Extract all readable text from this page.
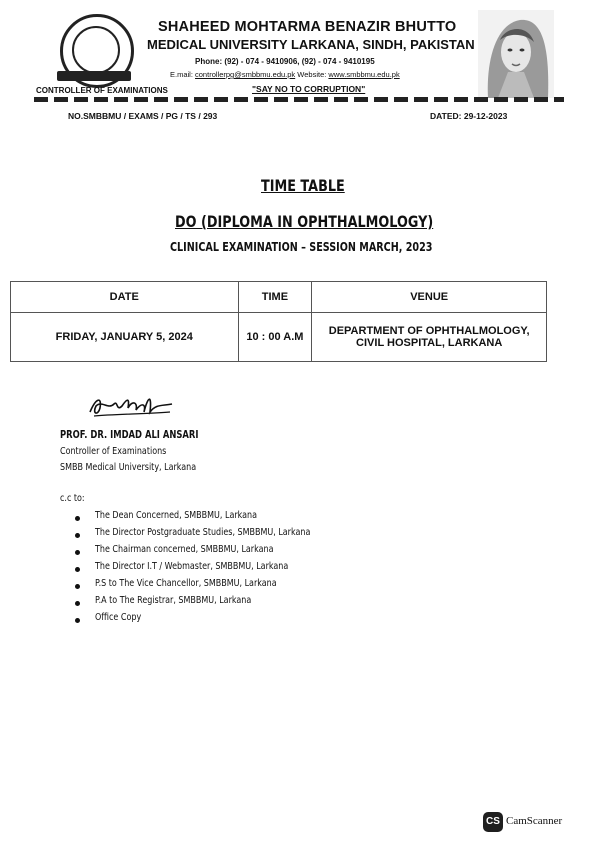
SHAHEED MOHTARMA BENAZIR BHUTTO
MEDICAL UNIVERSITY LARKANA, SINDH, PAKISTAN
Phone: (92) - 074 - 9410906, (92) - 074 - 9410195
E.mail: controllerpg@smbbmu.edu.pk Website: www.smbbmu.edu.pk
CONTROLLER OF EXAMINATIONS	"SAY NO TO CORRUPTION"
NO.SMBBMU / EXAMS / PG / TS / 293	DATED: 29-12-2023
TIME TABLE
DO (DIPLOMA IN OPHTHALMOLOGY)
CLINICAL EXAMINATION – SESSION MARCH, 2023
DATE	TIME	VENUE
FRIDAY, JANUARY 5, 2024	10 : 00 A.M	DEPARTMENT OF OPHTHALMOLOGY,
CIVIL HOSPITAL, LARKANA
PROF. DR. IMDAD ALI ANSARI
Controller of Examinations
SMBB Medical University, Larkana
c.c to:
The Dean Concerned, SMBBMU, Larkana
The Director Postgraduate Studies, SMBBMU, Larkana
The Chairman concerned, SMBBMU, Larkana
The Director I.T / Webmaster, SMBBMU, Larkana
P.S to The Vice Chancellor, SMBBMU, Larkana
P.A to The Registrar, SMBBMU, Larkana
Office Copy
CS CamScanner
